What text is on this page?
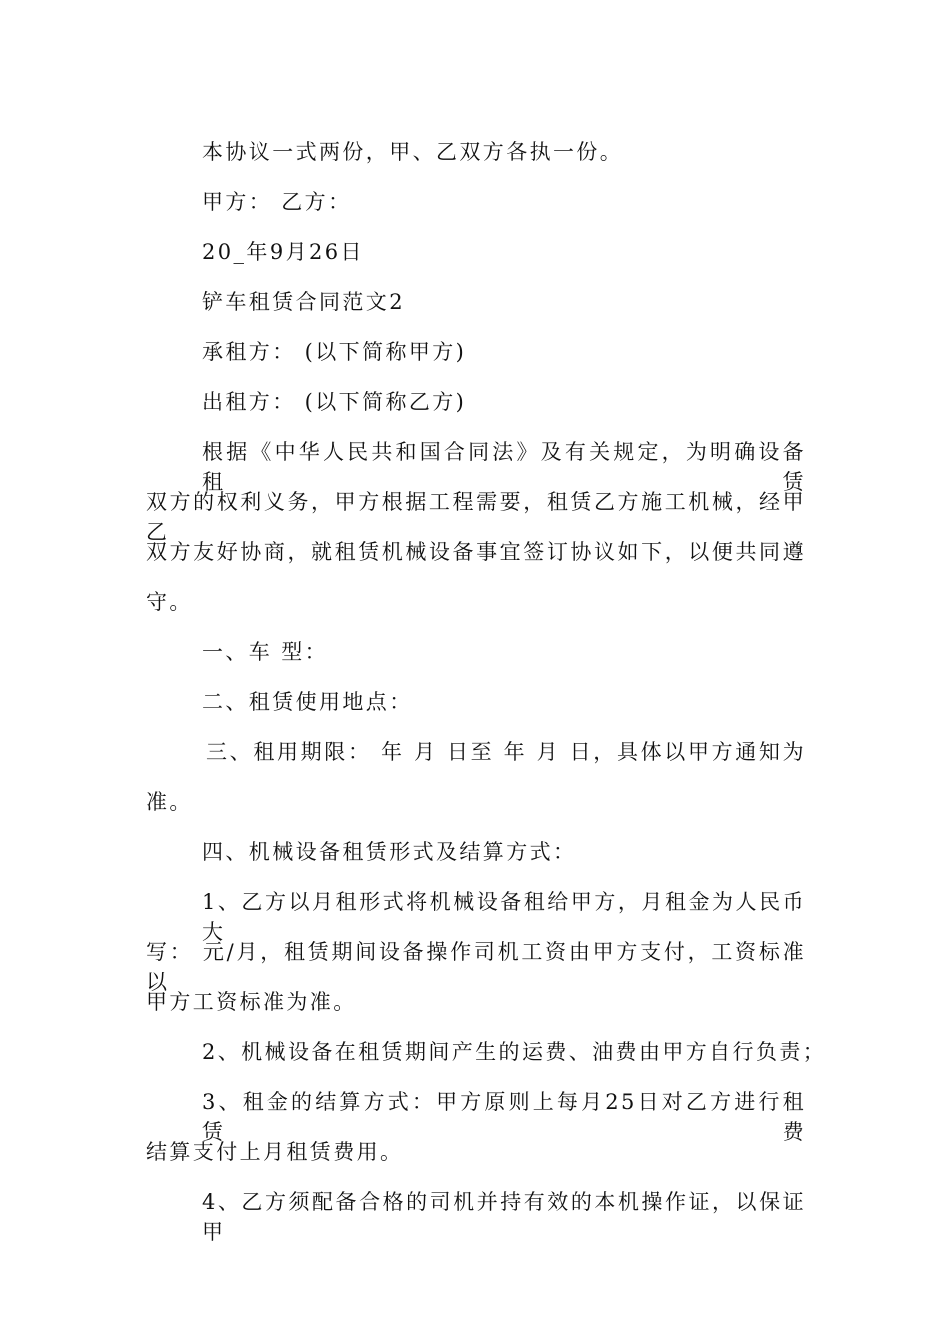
本协议一式两份，甲、乙双方各执一份。
甲方： 乙方：
20_年9月26日
铲车租赁合同范文2
承租方： (以下简称甲方)
出租方： (以下简称乙方)
根据《中华人民共和国合同法》及有关规定，为明确设备租赁
双方的权利义务，甲方根据工程需要，租赁乙方施工机械，经甲乙
双方友好协商，就租赁机械设备事宜签订协议如下，以便共同遵
守。
一、车 型：
二、租赁使用地点：
三、租用期限： 年 月 日至 年 月 日，具体以甲方通知为
准。
四、机械设备租赁形式及结算方式：
1、乙方以月租形式将机械设备租给甲方，月租金为人民币大
写： 元/月，租赁期间设备操作司机工资由甲方支付，工资标准以
甲方工资标准为准。
2、机械设备在租赁期间产生的运费、油费由甲方自行负责；
3、租金的结算方式：甲方原则上每月25日对乙方进行租赁费
结算支付上月租赁费用。
4、乙方须配备合格的司机并持有效的本机操作证，以保证甲
